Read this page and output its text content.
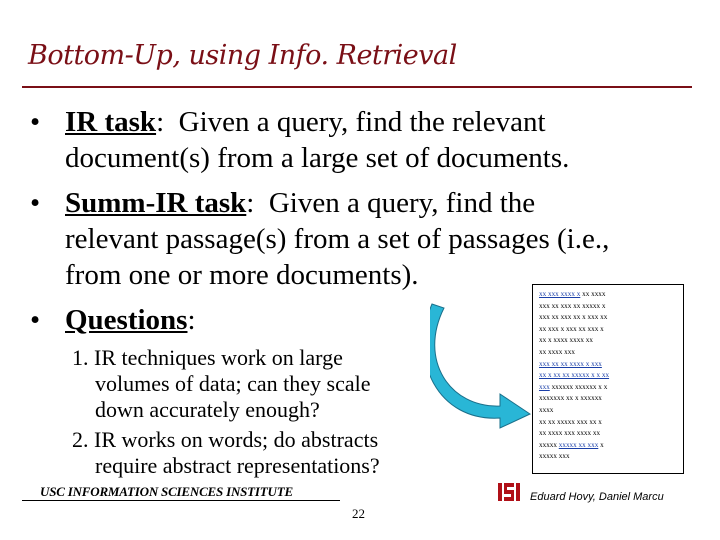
Bottom-Up, using Info. Retrieval
• IR task:  Given a query, find the relevant
document(s) from a large set of documents.
• Summ-IR task:  Given a query, find the
relevant passage(s) from a set of passages (i.e.,
from one or more documents).
• Questions:
1. IR techniques work on large
volumes of data; can they scale
down accurately enough?
2. IR works on words; do abstracts
require abstract representations?
xx xxx xxxx x xx xxxx
xxx xx xxx xx xxxxx x
xxx xx xxx xx x xxx xx
xx xxx x xxx xx xxx x
xx x xxxx xxxx xx
xx xxxx xxx
xxx xx xx xxxx x xxx
xx x xx xx xxxxx x x xx
xxx xxxxxx xxxxxx x x
xxxxxxx xx x xxxxxx
xxxx
xx xx xxxxx xxx xx x
xx xxxx xxx xxxx xx
xxxxx xxxxx xx xxx x
xxxxx xxx
USC INFORMATION SCIENCES INSTITUTE
22
Eduard Hovy, Daniel Marcu
